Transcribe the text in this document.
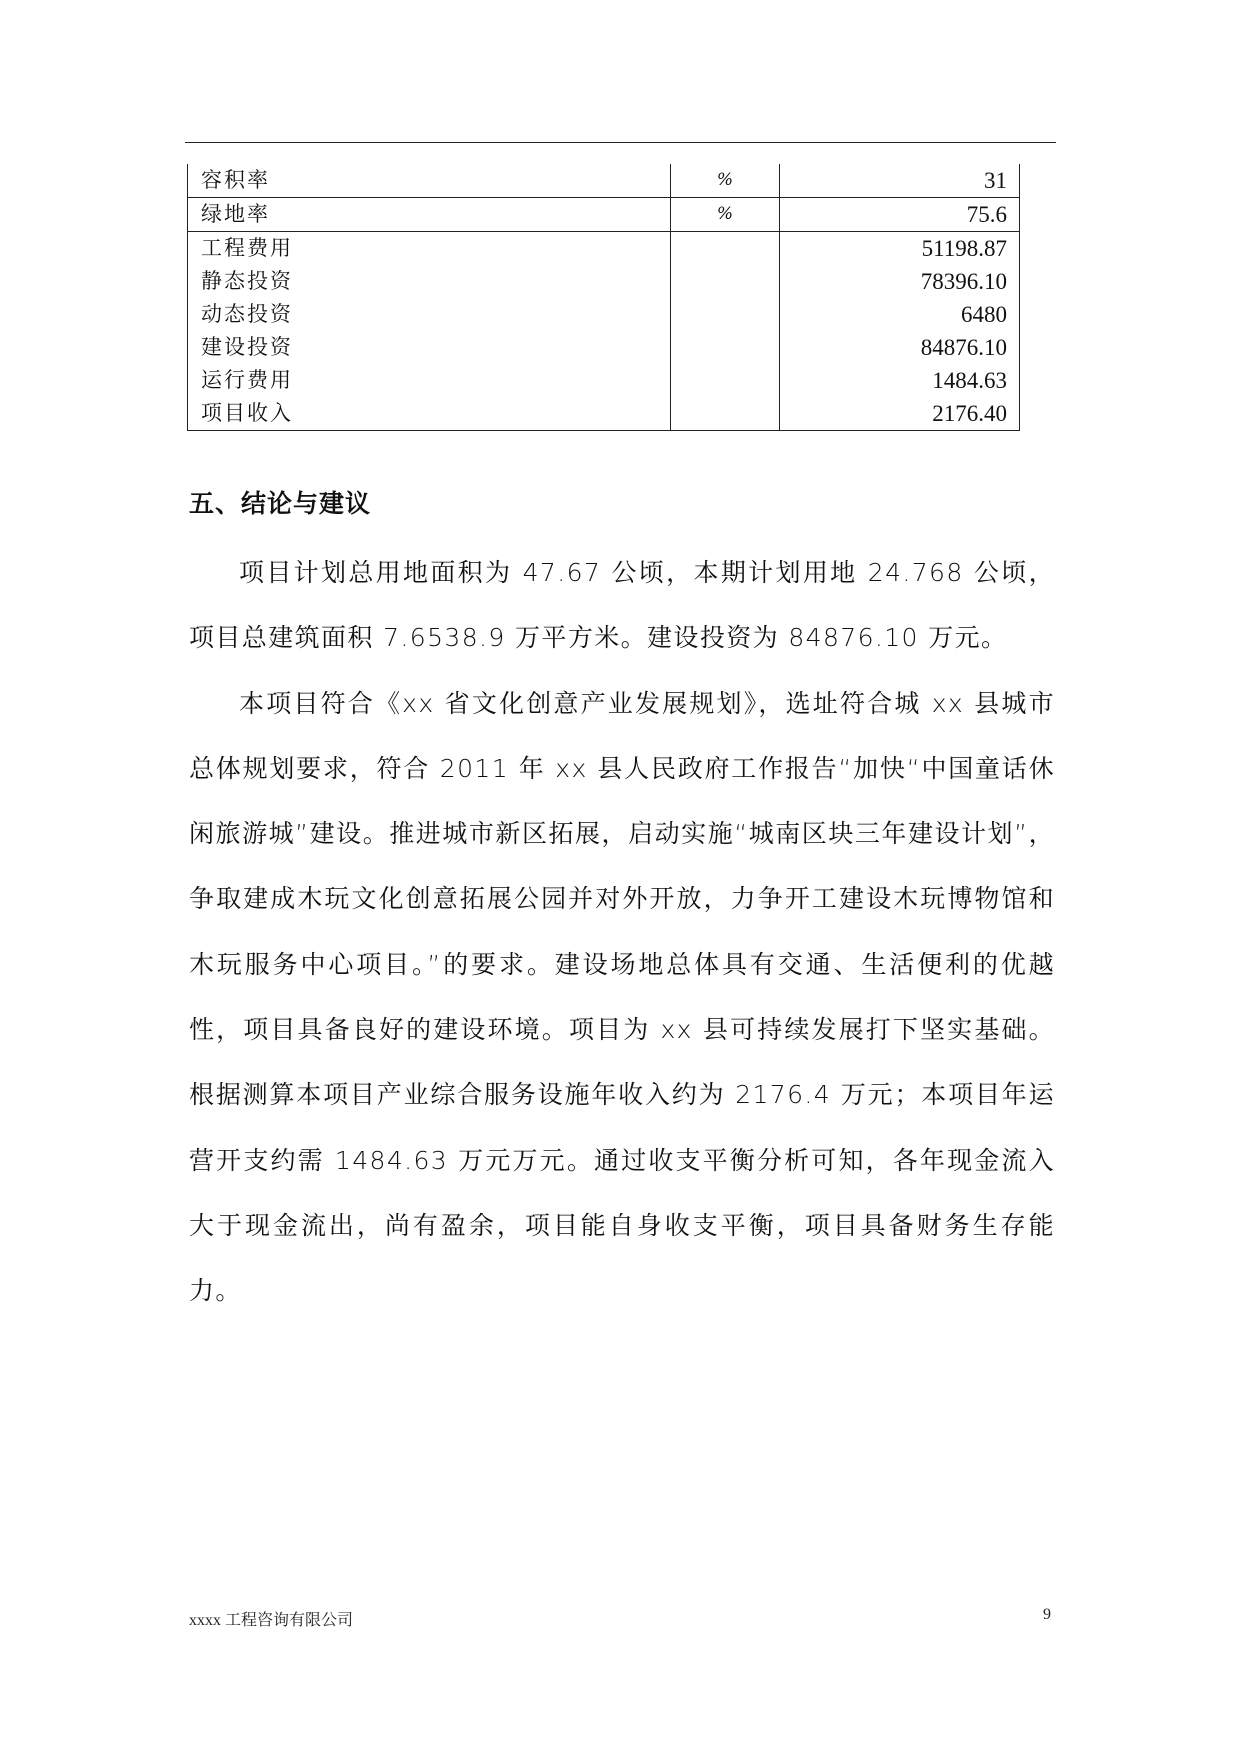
容积率	%	31
绿地率	%	75.6
工程费用		51198.87
静态投资		78396.10
动态投资		6480
建设投资		84876.10
运行费用		1484.63
项目收入		2176.40
五、结论与建议

项目计划总用地面积为 47.67 公顷，本期计划用地 24.768 公顷，项目总建筑面积 7.6538.9 万平方米。建设投资为 84876.10 万元。

本项目符合《xx 省文化创意产业发展规划》，选址符合城 xx 县城市总体规划要求，符合 2011 年 xx 县人民政府工作报告“加快“中国童话休闲旅游城”建设。推进城市新区拓展，启动实施“城南区块三年建设计划”，争取建成木玩文化创意拓展公园并对外开放，力争开工建设木玩博物馆和木玩服务中心项目。”的要求。建设场地总体具有交通、生活便利的优越性，项目具备良好的建设环境。项目为 xx 县可持续发展打下坚实基础。根据测算本项目产业综合服务设施年收入约为 2176.4 万元；本项目年运营开支约需 1484.63 万元万元。通过收支平衡分析可知，各年现金流入大于现金流出，尚有盈余，项目能自身收支平衡，项目具备财务生存能力。

xxxx 工程咨询有限公司	9
